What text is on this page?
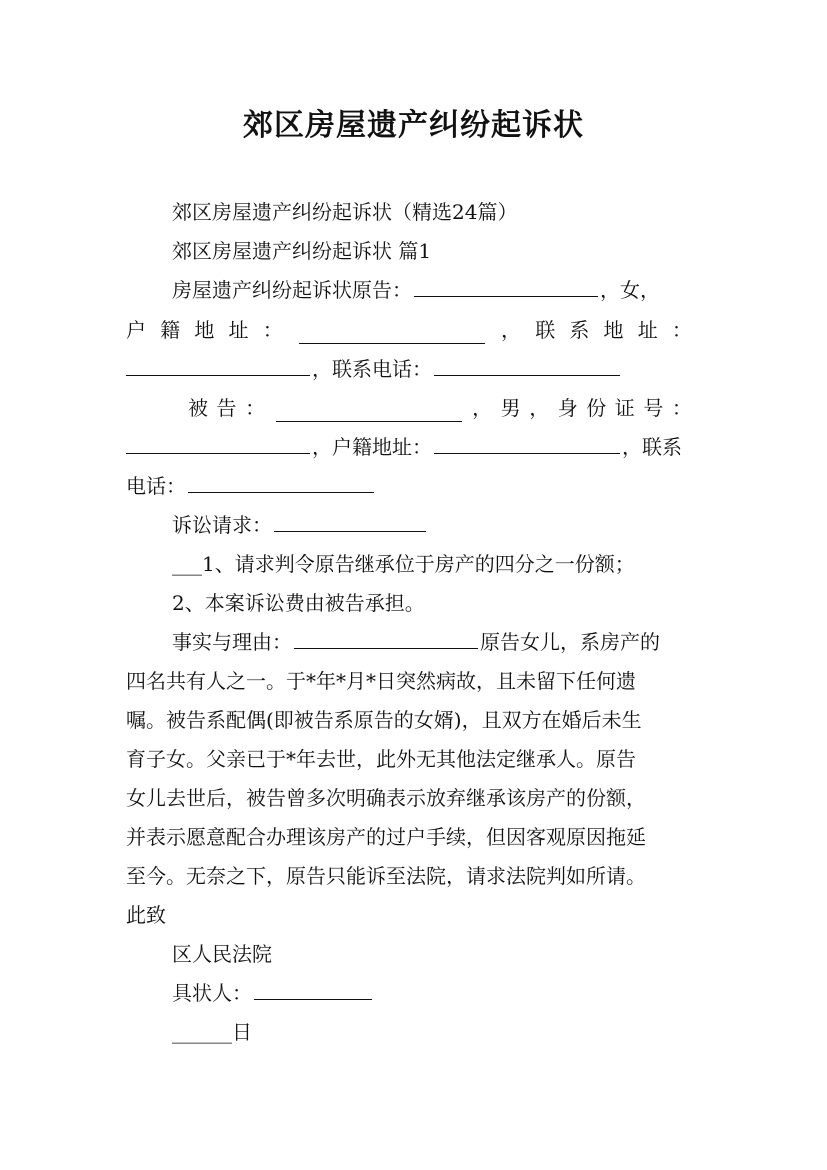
郊区房屋遗产纠纷起诉状
郊区房屋遗产纠纷起诉状（精选24篇）
郊区房屋遗产纠纷起诉状 篇1
房屋遗产纠纷起诉状原告：	，女，
户 籍 地 址 ：	， 联 系 地 址 ：
，联系电话：
被 告 ：	， 男 ， 身 份 证 号 ：
，户籍地址：	，联系
电话：
诉讼请求：
___1、请求判令原告继承位于房产的四分之一份额；
2、本案诉讼费由被告承担。
事实与理由：	原告女儿，系房产的
四名共有人之一。于*年*月*日突然病故，且未留下任何遗
嘱。被告系配偶(即被告系原告的女婿)，且双方在婚后未生
育子女。父亲已于*年去世，此外无其他法定继承人。原告
女儿去世后，被告曾多次明确表示放弃继承该房产的份额，
并表示愿意配合办理该房产的过户手续，但因客观原因拖延
至今。无奈之下，原告只能诉至法院，请求法院判如所请。
此致
区人民法院
具状人：
______日
